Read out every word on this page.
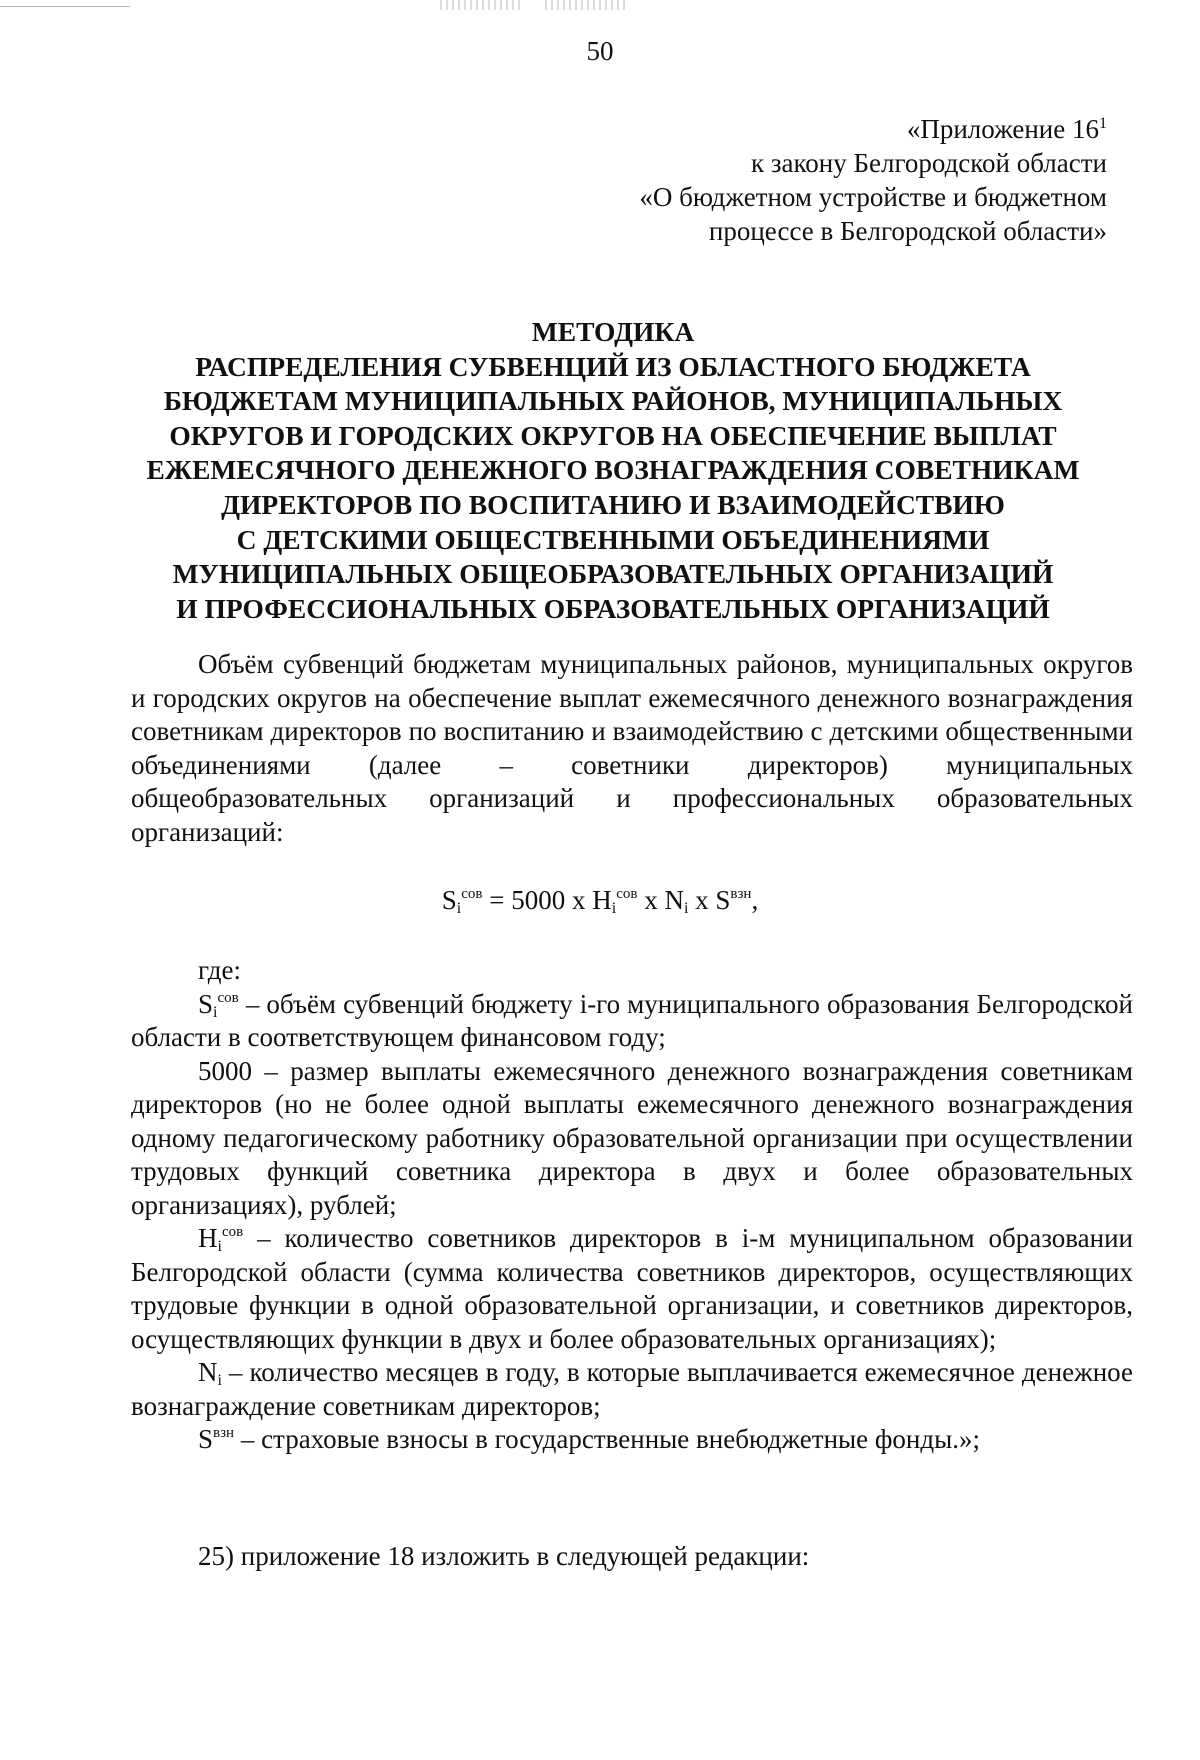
50
«Приложение $16^1$
к закону Белгородской области
«О бюджетном устройстве и бюджетном
процессе в Белгородской области»
МЕТОДИКА
РАСПРЕДЕЛЕНИЯ СУБВЕНЦИЙ ИЗ ОБЛАСТНОГО БЮДЖЕТА
БЮДЖЕТАМ МУНИЦИПАЛЬНЫХ РАЙОНОВ, МУНИЦИПАЛЬНЫХ
ОКРУГОВ И ГОРОДСКИХ ОКРУГОВ НА ОБЕСПЕЧЕНИЕ ВЫПЛАТ
ЕЖЕМЕСЯЧНОГО ДЕНЕЖНОГО ВОЗНАГРАЖДЕНИЯ СОВЕТНИКАМ
ДИРЕКТОРОВ ПО ВОСПИТАНИЮ И ВЗАИМОДЕЙСТВИЮ
С ДЕТСКИМИ ОБЩЕСТВЕННЫМИ ОБЪЕДИНЕНИЯМИ
МУНИЦИПАЛЬНЫХ ОБЩЕОБРАЗОВАТЕЛЬНЫХ ОРГАНИЗАЦИЙ
И ПРОФЕССИОНАЛЬНЫХ ОБРАЗОВАТЕЛЬНЫХ ОРГАНИЗАЦИЙ

Объём субвенций бюджетам муниципальных районов, муниципальных округов и городских округов на обеспечение выплат ежемесячного денежного вознаграждения советникам директоров по воспитанию и взаимодействию с детскими общественными объединениями (далее – советники директоров) муниципальных общеобразовательных организаций и профессиональных образовательных организаций:

$S_i^{сов} = 5000$ x $H_i^{сов}$ x $N_i$ x $S^{взн}$,

где:

$S_i^{сов}$ – объём субвенций бюджету i-го муниципального образования Белгородской области в соответствующем финансовом году;

5000 – размер выплаты ежемесячного денежного вознаграждения советникам директоров (но не более одной выплаты ежемесячного денежного вознаграждения одному педагогическому работнику образовательной организации при осуществлении трудовых функций советника директора в двух и более образовательных организациях), рублей;

$H_i^{сов}$ – количество советников директоров в i-м муниципальном образовании Белгородской области (сумма количества советников директоров, осуществляющих трудовые функции в одной образовательной организации, и советников директоров, осуществляющих функции в двух и более образовательных организациях);

$N_i$ – количество месяцев в году, в которые выплачивается ежемесячное денежное вознаграждение советникам директоров;

$S^{взн}$ – страховые взносы в государственные внебюджетные фонды.»;

25) приложение 18 изложить в следующей редакции:
